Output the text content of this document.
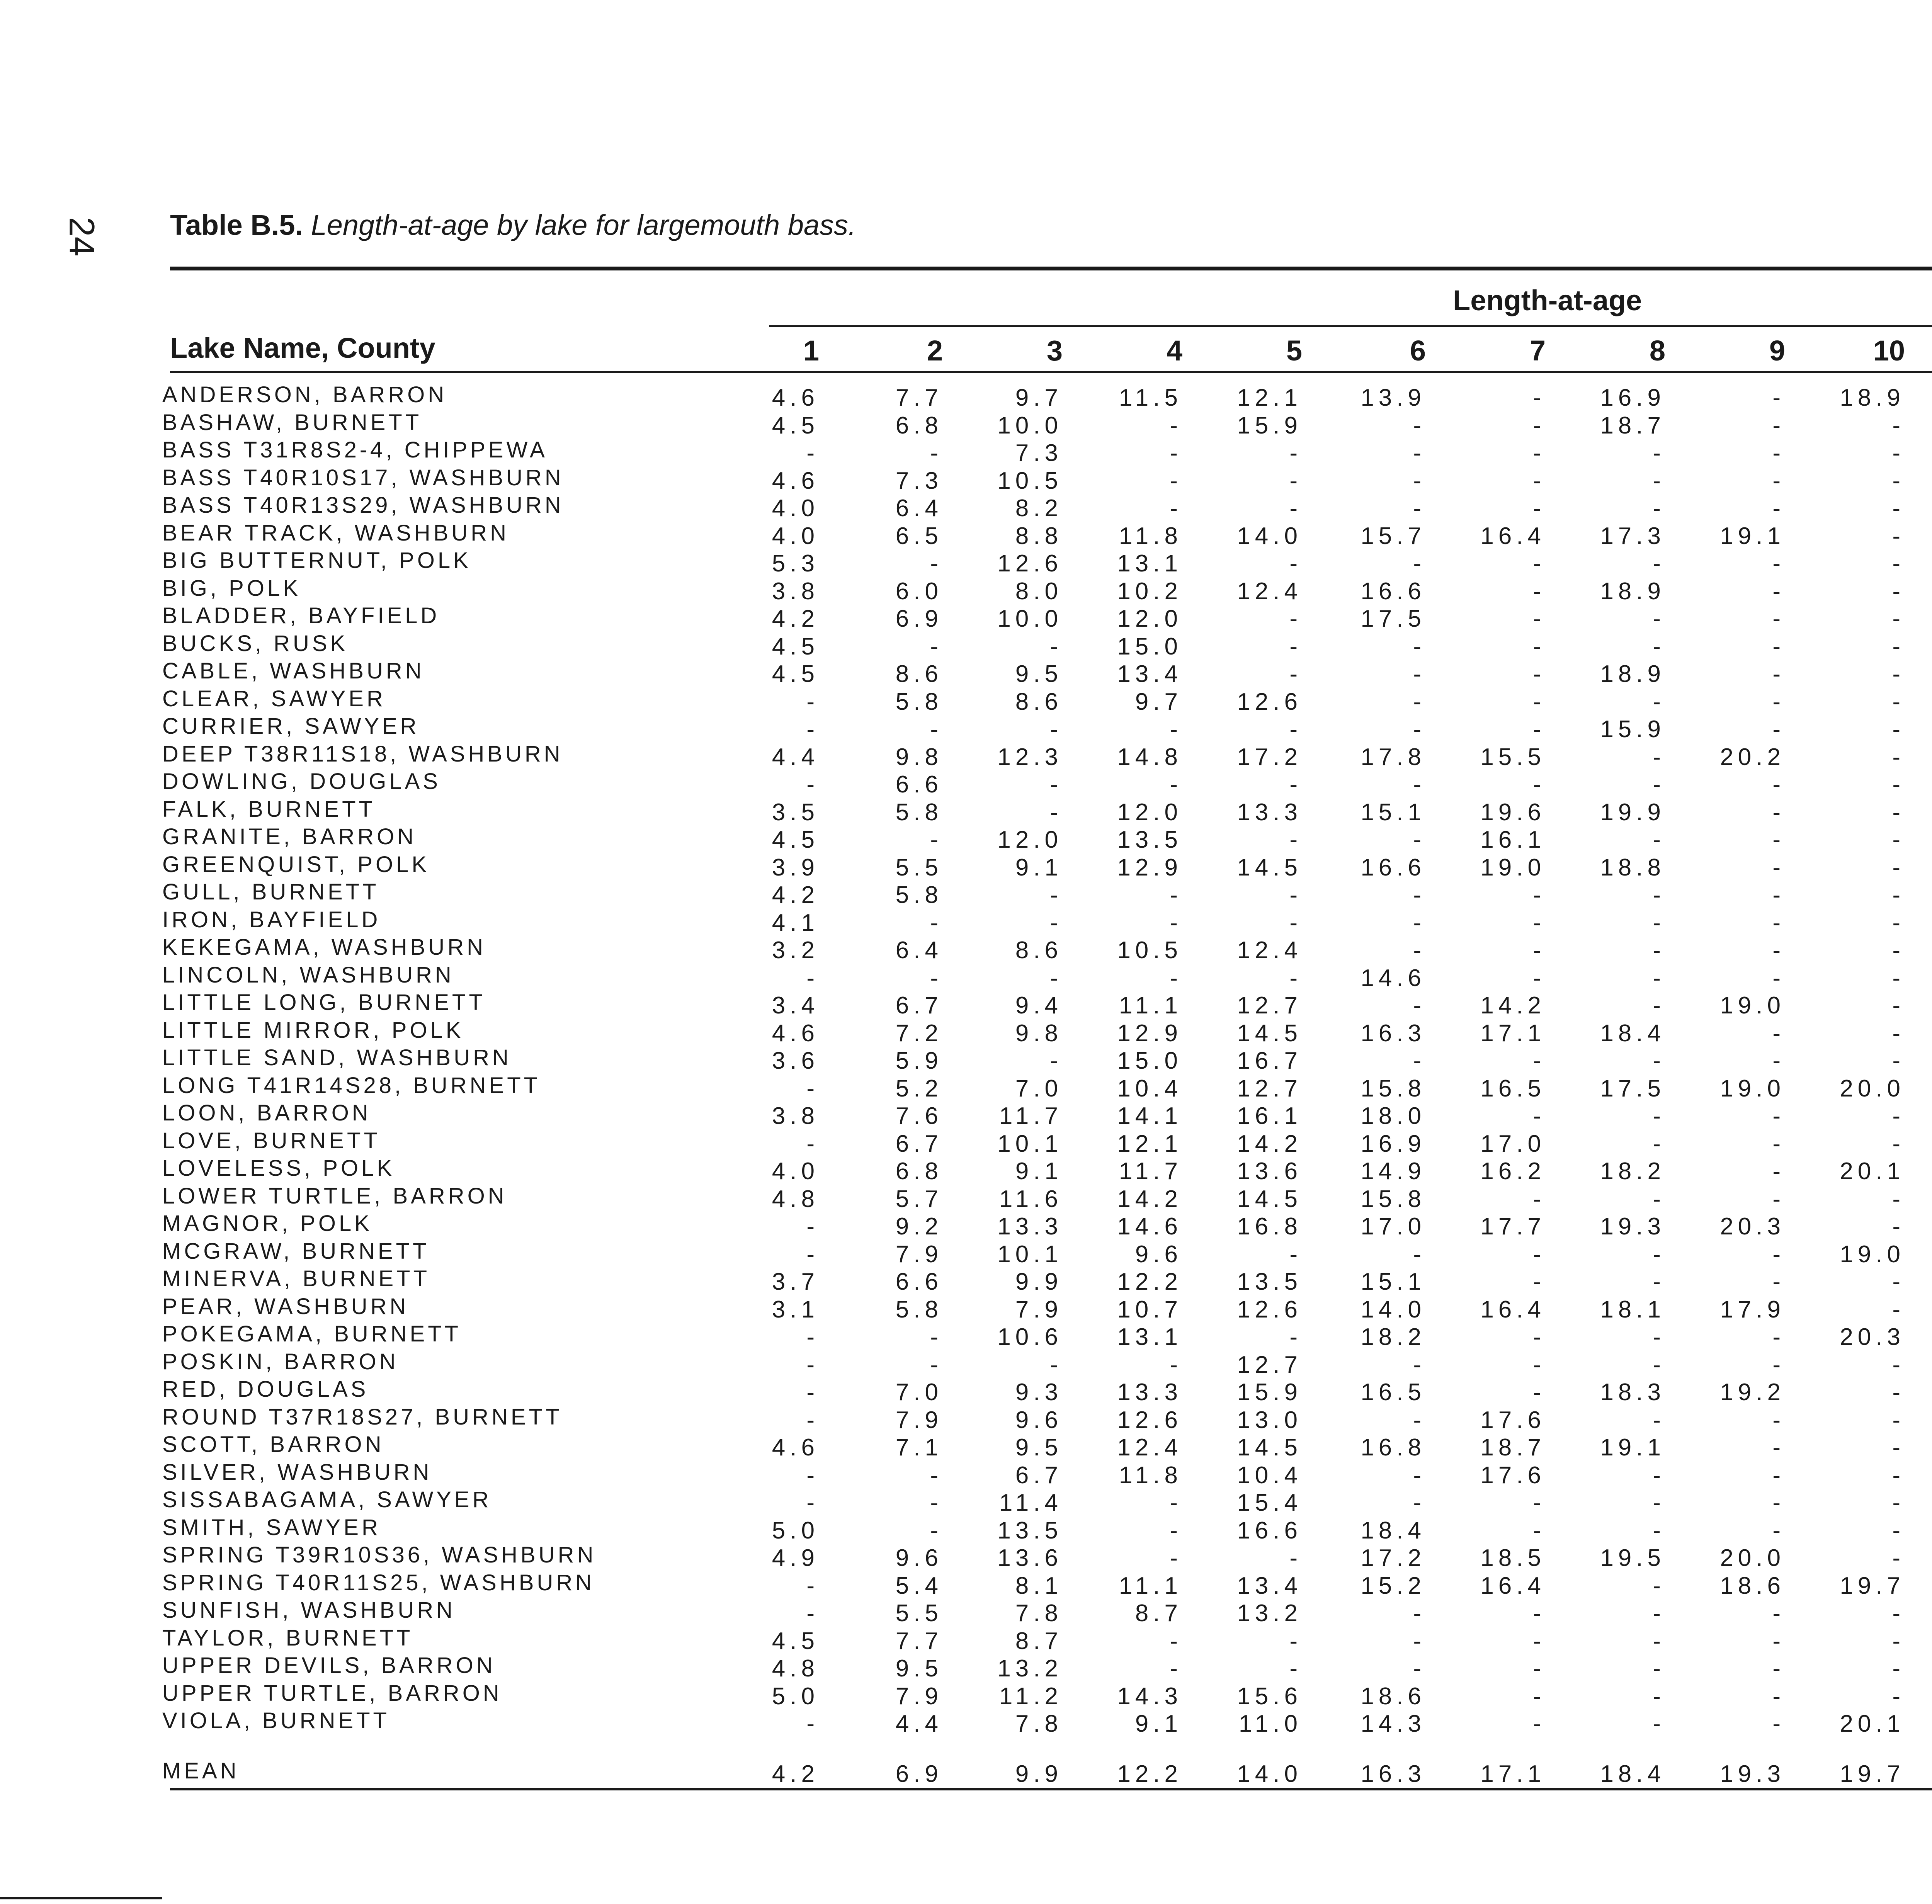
24 Table B.5. Length-at-age by lake for largemouth bass.
Length-at-age
Lake Name, County	1	2	3	4	5	6	7	8	9	10
ANDERSON, BARRON	4.6	7.7	9.7	11.5	12.1	13.9	-	16.9	-	18.9
BASHAW, BURNETT	4.5	6.8	10.0	-	15.9	-	-	18.7	-	-
BASS T31R8S2-4, CHIPPEWA	-	-	7.3	-	-	-	-	-	-	-
BASS T40R10S17, WASHBURN	4.6	7.3	10.5	-	-	-	-	-	-	-
BASS T40R13S29, WASHBURN	4.0	6.4	8.2	-	-	-	-	-	-	-
BEAR TRACK, WASHBURN	4.0	6.5	8.8	11.8	14.0	15.7	16.4	17.3	19.1	-
BIG BUTTERNUT, POLK	5.3	-	12.6	13.1	-	-	-	-	-	-
BIG, POLK	3.8	6.0	8.0	10.2	12.4	16.6	-	18.9	-	-
BLADDER, BAYFIELD	4.2	6.9	10.0	12.0	-	17.5	-	-	-	-
BUCKS, RUSK	4.5	-	-	15.0	-	-	-	-	-	-
CABLE, WASHBURN	4.5	8.6	9.5	13.4	-	-	-	18.9	-	-
CLEAR, SAWYER	-	5.8	8.6	9.7	12.6	-	-	-	-	-
CURRIER, SAWYER	-	-	-	-	-	-	-	15.9	-	-
DEEP T38R11S18, WASHBURN	4.4	9.8	12.3	14.8	17.2	17.8	15.5	-	20.2	-
DOWLING, DOUGLAS	-	6.6	-	-	-	-	-	-	-	-
FALK, BURNETT	3.5	5.8	-	12.0	13.3	15.1	19.6	19.9	-	-
GRANITE, BARRON	4.5	-	12.0	13.5	-	-	16.1	-	-	-
GREENQUIST, POLK	3.9	5.5	9.1	12.9	14.5	16.6	19.0	18.8	-	-
GULL, BURNETT	4.2	5.8	-	-	-	-	-	-	-	-
IRON, BAYFIELD	4.1	-	-	-	-	-	-	-	-	-
KEKEGAMA, WASHBURN	3.2	6.4	8.6	10.5	12.4	-	-	-	-	-
LINCOLN, WASHBURN	-	-	-	-	-	14.6	-	-	-	-
LITTLE LONG, BURNETT	3.4	6.7	9.4	11.1	12.7	-	14.2	-	19.0	-
LITTLE MIRROR, POLK	4.6	7.2	9.8	12.9	14.5	16.3	17.1	18.4	-	-
LITTLE SAND, WASHBURN	3.6	5.9	-	15.0	16.7	-	-	-	-	-
LONG T41R14S28, BURNETT	-	5.2	7.0	10.4	12.7	15.8	16.5	17.5	19.0	20.0
LOON, BARRON	3.8	7.6	11.7	14.1	16.1	18.0	-	-	-	-
LOVE, BURNETT	-	6.7	10.1	12.1	14.2	16.9	17.0	-	-	-
LOVELESS, POLK	4.0	6.8	9.1	11.7	13.6	14.9	16.2	18.2	-	20.1
LOWER TURTLE, BARRON	4.8	5.7	11.6	14.2	14.5	15.8	-	-	-	-
MAGNOR, POLK	-	9.2	13.3	14.6	16.8	17.0	17.7	19.3	20.3	-
MCGRAW, BURNETT	-	7.9	10.1	9.6	-	-	-	-	-	19.0
MINERVA, BURNETT	3.7	6.6	9.9	12.2	13.5	15.1	-	-	-	-
PEAR, WASHBURN	3.1	5.8	7.9	10.7	12.6	14.0	16.4	18.1	17.9	-
POKEGAMA, BURNETT	-	-	10.6	13.1	-	18.2	-	-	-	20.3
POSKIN, BARRON	-	-	-	-	12.7	-	-	-	-	-
RED, DOUGLAS	-	7.0	9.3	13.3	15.9	16.5	-	18.3	19.2	-
ROUND T37R18S27, BURNETT	-	7.9	9.6	12.6	13.0	-	17.6	-	-	-
SCOTT, BARRON	4.6	7.1	9.5	12.4	14.5	16.8	18.7	19.1	-	-
SILVER, WASHBURN	-	-	6.7	11.8	10.4	-	17.6	-	-	-
SISSABAGAMA, SAWYER	-	-	11.4	-	15.4	-	-	-	-	-
SMITH, SAWYER	5.0	-	13.5	-	16.6	18.4	-	-	-	-
SPRING T39R10S36, WASHBURN	4.9	9.6	13.6	-	-	17.2	18.5	19.5	20.0	-
SPRING T40R11S25, WASHBURN	-	5.4	8.1	11.1	13.4	15.2	16.4	-	18.6	19.7
SUNFISH, WASHBURN	-	5.5	7.8	8.7	13.2	-	-	-	-	-
TAYLOR, BURNETT	4.5	7.7	8.7	-	-	-	-	-	-	-
UPPER DEVILS, BARRON	4.8	9.5	13.2	-	-	-	-	-	-	-
UPPER TURTLE, BARRON	5.0	7.9	11.2	14.3	15.6	18.6	-	-	-	-
VIOLA, BURNETT	-	4.4	7.8	9.1	11.0	14.3	-	-	-	20.1
MEAN	4.2	6.9	9.9	12.2	14.0	16.3	17.1	18.4	19.3	19.7
